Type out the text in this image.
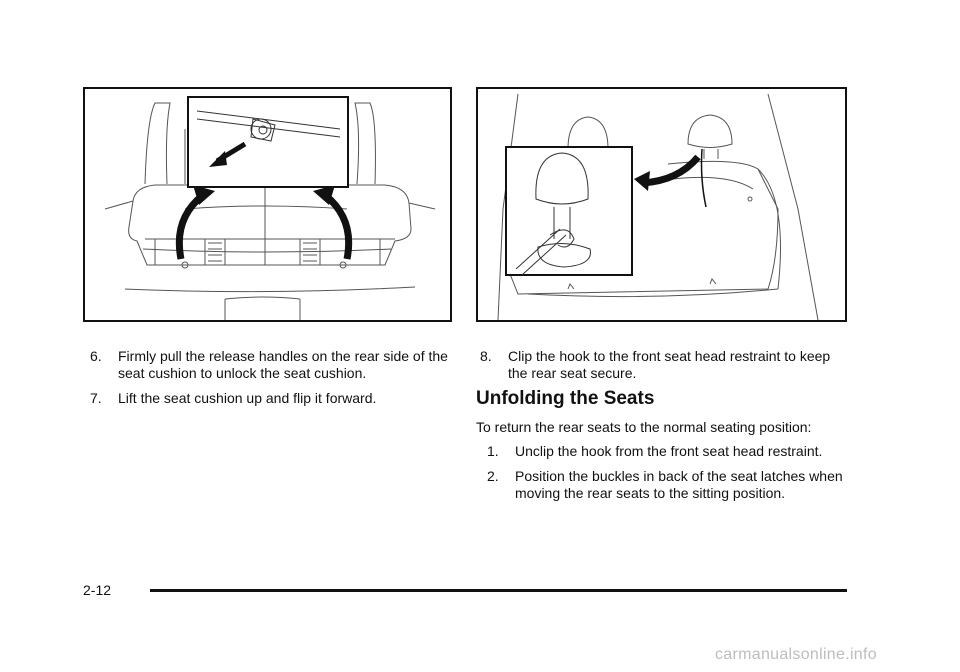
6. Firmly pull the release handles on the rear side of the seat cushion to unlock the seat cushion.
7. Lift the seat cushion up and flip it forward.
8. Clip the hook to the front seat head restraint to keep the rear seat secure.
Unfolding the Seats

To return the rear seats to the normal seating position:

1. Unclip the hook from the front seat head restraint.
2. Position the buckles in back of the seat latches when moving the rear seats to the sitting position.
2-12
carmanualsonline.info
